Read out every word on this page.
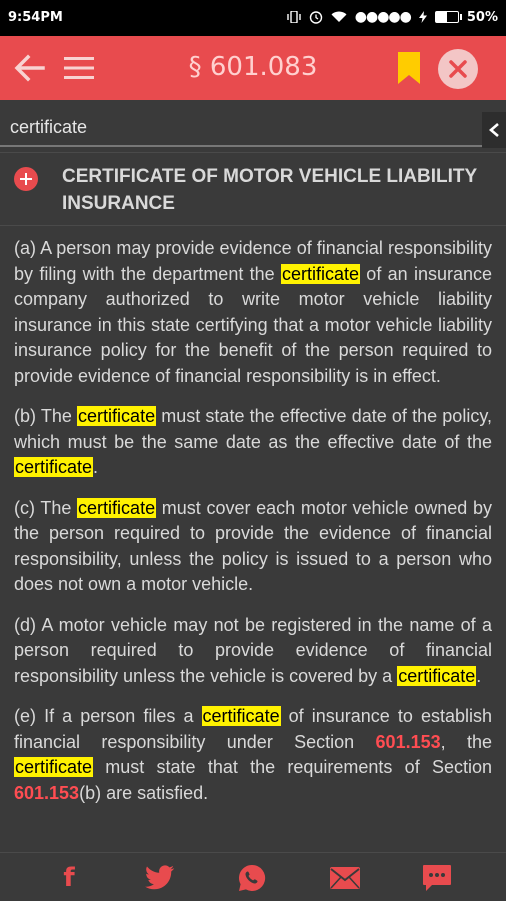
9:54PM	●●●●●	50%
§ 601.083
certificate
CERTIFICATE OF MOTOR VEHICLE LIABILITY INSURANCE

(a) A person may provide evidence of financial responsibility by filing with the department the certificate of an insurance company authorized to write motor vehicle liability insurance in this state certifying that a motor vehicle liability insurance policy for the benefit of the person required to provide evidence of financial responsibility is in effect.

(b) The certificate must state the effective date of the policy, which must be the same date as the effective date of the certificate.

(c) The certificate must cover each motor vehicle owned by the person required to provide the evidence of financial responsibility, unless the policy is issued to a person who does not own a motor vehicle.

(d) A motor vehicle may not be registered in the name of a person required to provide evidence of financial responsibility unless the vehicle is covered by a certificate.

(e) If a person files a certificate of insurance to establish financial responsibility under Section 601.153, the certificate must state that the requirements of Section 601.153(b) are satisfied.

f
